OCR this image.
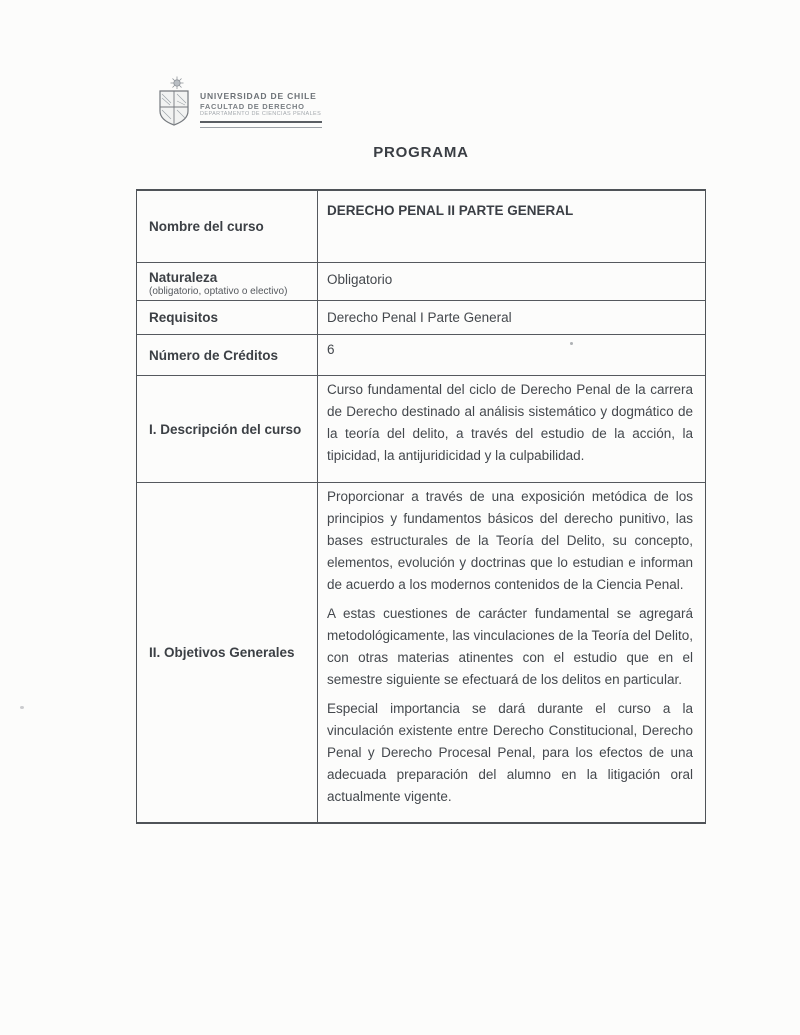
UNIVERSIDAD DE CHILE
FACULTAD DE DERECHO
DEPARTAMENTO DE CIENCIAS PENALES
PROGRAMA
Nombre del curso
DERECHO PENAL II PARTE GENERAL
Naturaleza
(obligatorio, optativo o electivo)
Obligatorio
Requisitos	Derecho Penal I Parte General
Número de Créditos	6
I. Descripción del curso

Curso fundamental del ciclo de Derecho Penal de la carrera de Derecho destinado al análisis sistemático y dogmático de la teoría del delito, a través del estudio de la acción, la tipicidad, la antijuridicidad y la culpabilidad.

II. Objetivos Generales

Proporcionar a través de una exposición metódica de los principios y fundamentos básicos del derecho punitivo, las bases estructurales de la Teoría del Delito, su concepto, elementos, evolución y doctrinas que lo estudian e informan de acuerdo a los modernos contenidos de la Ciencia Penal.

A estas cuestiones de carácter fundamental se agregará metodológicamente, las vinculaciones de la Teoría del Delito, con otras materias atinentes con el estudio que en el semestre siguiente se efectuará de los delitos en particular.

Especial importancia se dará durante el curso a la vinculación existente entre Derecho Constitucional, Derecho Penal y Derecho Procesal Penal, para los efectos de una adecuada preparación del alumno en la litigación oral actualmente vigente.
